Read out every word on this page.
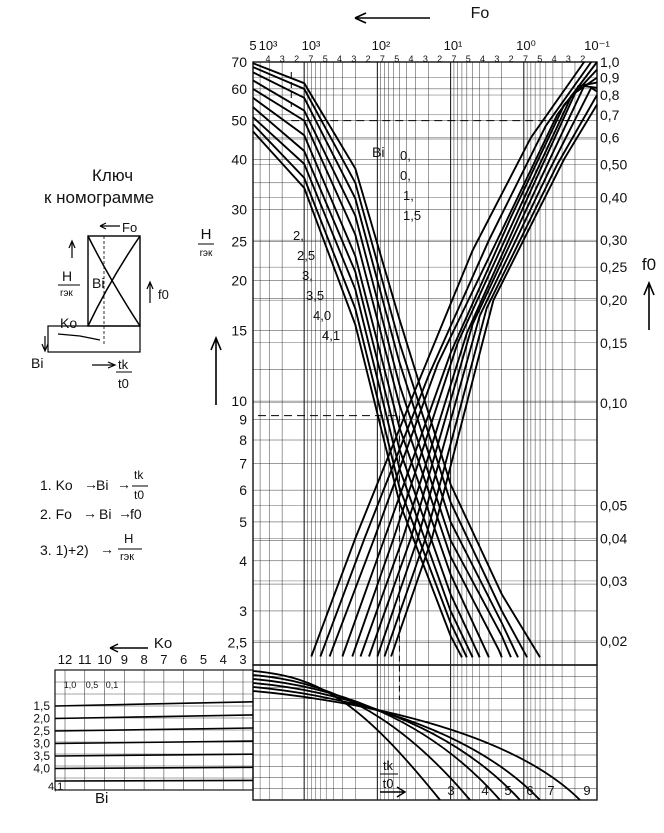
70
60
50
40
30
25
20
15
10
9
8
7
6
5
4
3
2,5
1,0
0,9
0,8
0,7
0,6
0,50
0,40
0,30
0,25
0,20
0,15
0,10
0,05
0,04
0,03
0,02
5 10³ 10³	10²	10¹	10⁰	10⁻¹
4 3 2 7 5 4 3 2 7 5 4 3 2 7 5 4 3 2 7 5 4 3 2
Fo
H
rэк
f0
Bi 0,
0,
1,
1,5
2,
2,5
3,
3,5
4,0
4,1
3 4 5 6 7 9
tk
t0
12 11 10 9 8 7 6 5 4 3
Ko
1,0 0,5 0,1
1,5
2,0
2,5
3,0
3,5
4,0
4,1
Bi
Ключ
к номограмме
Fo
H
rэк
Bi
f0
Ko
Bi	tk
t0
1. Ko →
Bi →
tk
t0
2. Fo → Bi →
f0
3. 1)+2) →
H
rэк
